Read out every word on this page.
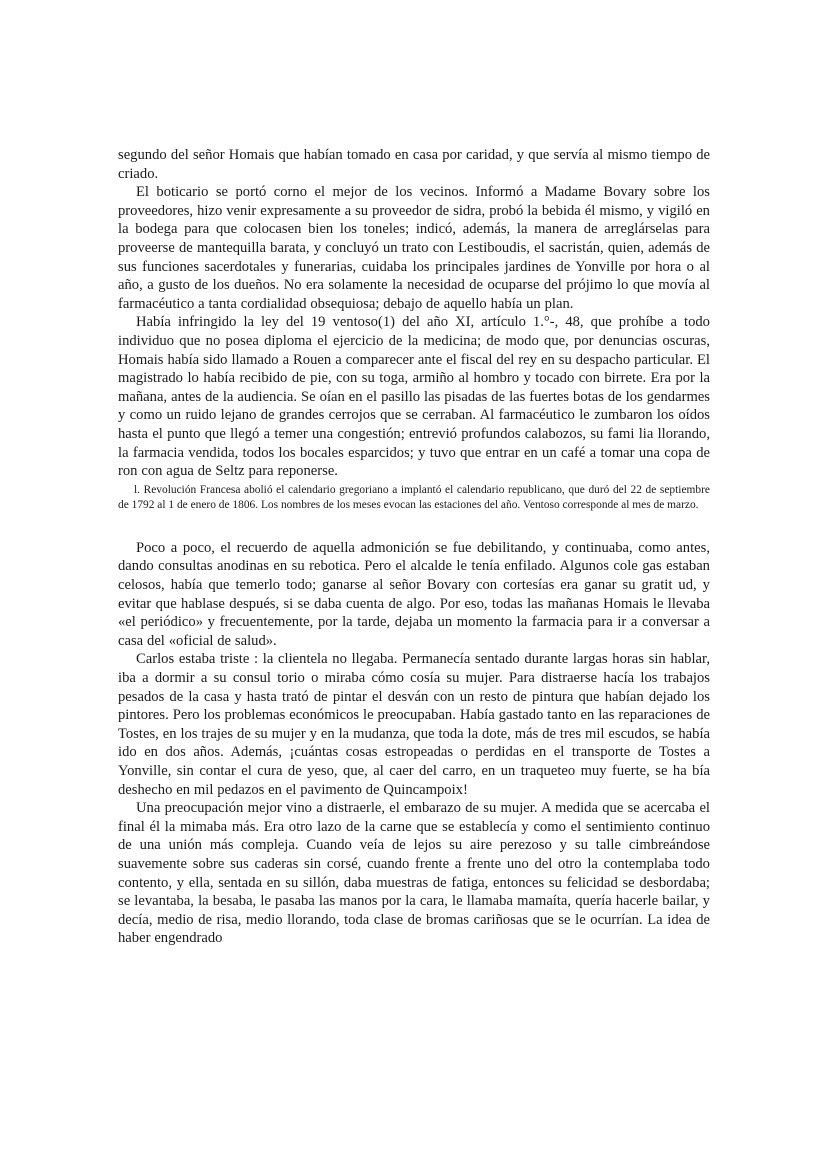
segundo del señor Homais que habían tomado en casa por caridad, y que servía al mismo tiempo de criado.

El boticario se portó corno el mejor de los vecinos. Informó a Madame Bovary sobre los proveedores, hizo venir expresamente a su proveedor de sidra, probó la bebida él mismo, y vigiló en la bodega para que colocasen bien los toneles; indicó, además, la manera de arreglárselas para proveerse de mantequilla barata, y concluyó un trato con Lestiboudis, el sacristán, quien, además de sus funciones sacerdotales y funerarias, cuidaba los principales jardines de Yonville por hora o al año, a gusto de los dueños. No era solamente la necesidad de ocuparse del prójimo lo que movía al farmacéutico a tanta cordialidad obsequiosa; debajo de aquello había un plan.

Había infringido la ley del 19 ventoso(1) del año XI, artículo 1.°-, 48, que prohíbe a todo individuo que no posea diploma el ejercicio de la medicina; de modo que, por denuncias oscuras, Homais había sido llamado a Rouen a comparecer ante el fiscal del rey en su despacho particular. El magistrado lo había recibido de pie, con su toga, armiño al hombro y tocado con birrete. Era por la mañana, antes de la audiencia. Se oían en el pasillo las pisadas de las fuertes botas de los gendarmes y como un ruido lejano de grandes cerrojos que se cerraban. Al farmacéutico le zumbaron los oídos hasta el punto que llegó a temer una congestión; entrevió profundos calabozos, su fami lia llorando, la farmacia vendida, todos los bocales esparcidos; y tuvo que entrar en un café a tomar una copa de ron con agua de Seltz para reponerse.

l. Revolución Francesa abolió el calendario gregoriano a implantó el calendario republicano, que duró del 22 de septiembre de 1792 al 1 de enero de 1806. Los nombres de los meses evocan las estaciones del año. Ventoso corresponde al mes de marzo.

Poco a poco, el recuerdo de aquella admonición se fue debilitando, y continuaba, como antes, dando consultas anodinas en su rebotica. Pero el alcalde le tenía enfilado. Algunos cole gas estaban celosos, había que temerlo todo; ganarse al señor Bovary con cortesías era ganar su gratit ud, y evitar que hablase después, si se daba cuenta de algo. Por eso, todas las mañanas Homais le llevaba «el periódico» y frecuentemente, por la tarde, dejaba un momento la farmacia para ir a conversar a casa del «oficial de salud».

Carlos estaba triste : la clientela no llegaba. Permanecía sentado durante largas horas sin hablar, iba a dormir a su consul torio o miraba cómo cosía su mujer. Para distraerse hacía los trabajos pesados de la casa y hasta trató de pintar el desván con un resto de pintura que habían dejado los pintores. Pero los problemas económicos le preocupaban. Había gastado tanto en las reparaciones de Tostes, en los trajes de su mujer y en la mudanza, que toda la dote, más de tres mil escudos, se había ido en dos años. Además, ¡cuántas cosas estropeadas o perdidas en el transporte de Tostes a Yonville, sin contar el cura de yeso, que, al caer del carro, en un traqueteo muy fuerte, se ha bía deshecho en mil pedazos en el pavimento de Quincampoix!

Una preocupación mejor vino a distraerle, el embarazo de su mujer. A medida que se acercaba el final él la mimaba más. Era otro lazo de la carne que se establecía y como el sentimiento continuo de una unión más compleja. Cuando veía de lejos su aire perezoso y su talle cimbreándose suavemente sobre sus caderas sin corsé, cuando frente a frente uno del otro la contemplaba todo contento, y ella, sentada en su sillón, daba muestras de fatiga, entonces su felicidad se desbordaba; se levantaba, la besaba, le pasaba las manos por la cara, le llamaba mamaíta, quería hacerle bailar, y decía, medio de risa, medio llorando, toda clase de bromas cariñosas que se le ocurrían. La idea de haber engendrado
